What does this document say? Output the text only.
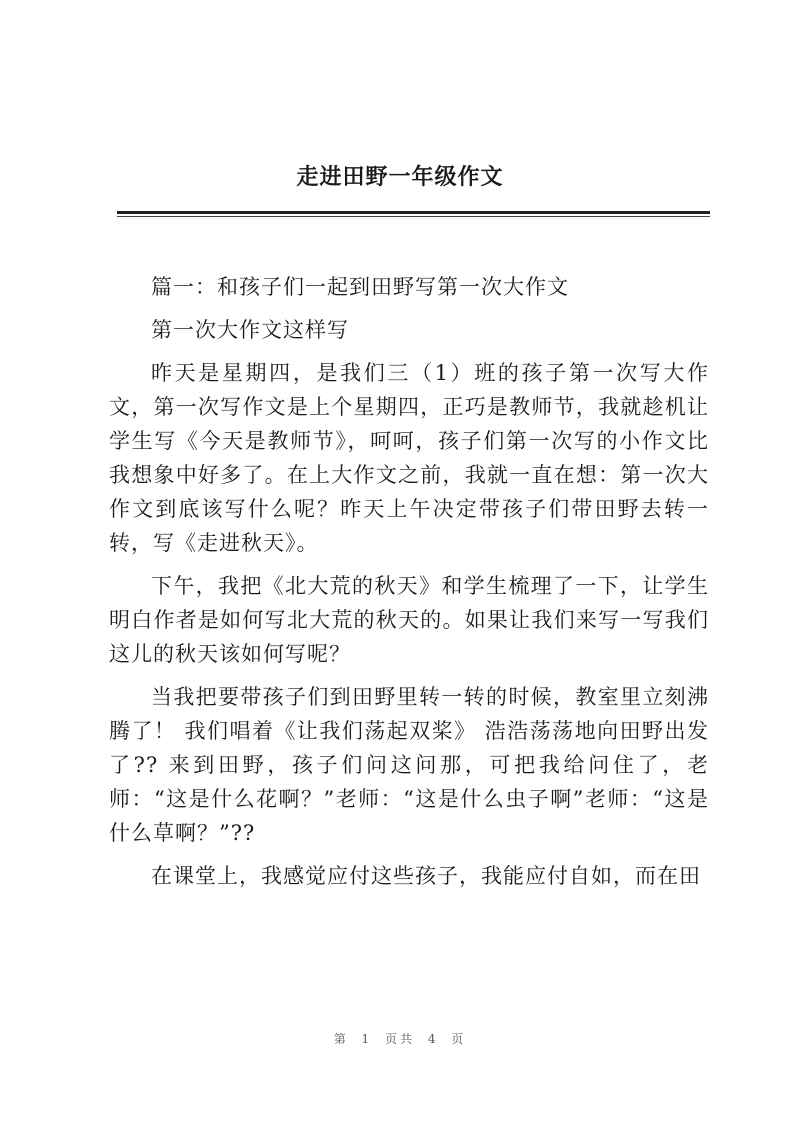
走进田野一年级作文

篇一：和孩子们一起到田野写第一次大作文

第一次大作文这样写

昨天是星期四，是我们三（1）班的孩子第一次写大作文，第一次写作文是上个星期四，正巧是教师节，我就趁机让学生写《今天是教师节》，呵呵，孩子们第一次写的小作文比我想象中好多了。在上大作文之前，我就一直在想：第一次大作文到底该写什么呢？昨天上午决定带孩子们带田野去转一转，写《走进秋天》。

下午，我把《北大荒的秋天》和学生梳理了一下，让学生明白作者是如何写北大荒的秋天的。如果让我们来写一写我们这儿的秋天该如何写呢？

当我把要带孩子们到田野里转一转的时候，教室里立刻沸腾了！ 我们唱着《让我们荡起双桨》 浩浩荡荡地向田野出发了?? 来到田野，孩子们问这问那，可把我给问住了，老师：“这是什么花啊？”老师：“这是什么虫子啊”老师：“这是什么草啊？”??

在课堂上，我感觉应付这些孩子，我能应付自如，而在田

第 1 页共 4 页
